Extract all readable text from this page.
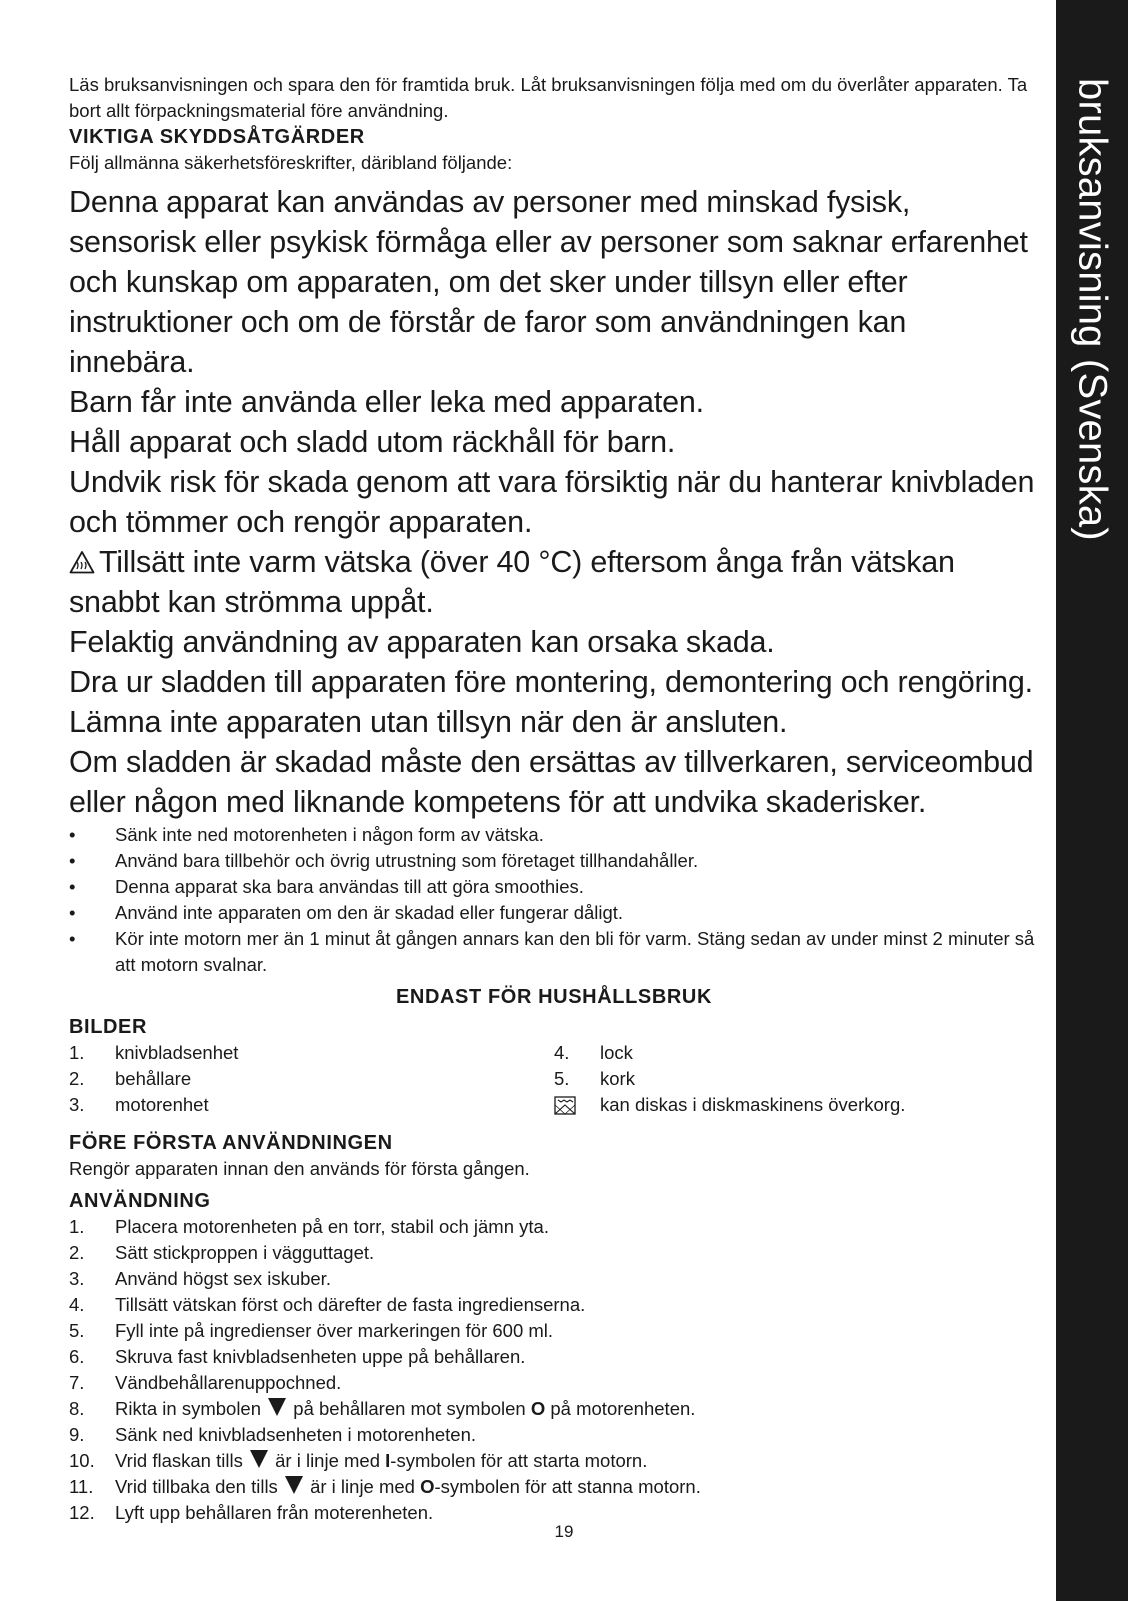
bruksanvisning (Svenska)

Läs bruksanvisningen och spara den för framtida bruk. Låt bruksanvisningen följa med om du överlåter apparaten. Ta bort allt förpackningsmaterial före användning.

VIKTIGA SKYDDSÅTGÄRDER

Följ allmänna säkerhetsföreskrifter, däribland följande:

Denna apparat kan användas av personer med minskad fysisk, sensorisk eller psykisk förmåga eller av personer som saknar erfarenhet och kunskap om apparaten, om det sker under tillsyn eller efter instruktioner och om de förstår de faror som användningen kan innebära.

Barn får inte använda eller leka med apparaten.

Håll apparat och sladd utom räckhåll för barn.

Undvik risk för skada genom att vara försiktig när du hanterar knivbladen och tömmer och rengör apparaten.

Tillsätt inte varm vätska (över 40 °C) eftersom ånga från vätskan snabbt kan strömma uppåt.

Felaktig användning av apparaten kan orsaka skada.

Dra ur sladden till apparaten före montering, demontering och rengöring.

Lämna inte apparaten utan tillsyn när den är ansluten.

Om sladden är skadad måste den ersättas av tillverkaren, serviceombud eller någon med liknande kompetens för att undvika skaderisker.

• Sänk inte ned motorenheten i någon form av vätska.
• Använd bara tillbehör och övrig utrustning som företaget tillhandahåller.
• Denna apparat ska bara användas till att göra smoothies.
• Använd inte apparaten om den är skadad eller fungerar dåligt.
• Kör inte motorn mer än 1 minut åt gången annars kan den bli för varm. Stäng sedan av under minst 2 minuter så att motorn svalnar.

ENDAST FÖR HUSHÅLLSBRUK

BILDER

1.	knivbladsenhet
2.	behållare
3.	motorenhet
4.	lock
5.	kork
kan diskas i diskmaskinens överkorg.

FÖRE FÖRSTA ANVÄNDNINGEN

Rengör apparaten innan den används för första gången.

ANVÄNDNING

1.	Placera motorenheten på en torr, stabil och jämn yta.
2.	Sätt stickproppen i vägguttaget.
3.	Använd högst sex iskuber.
4.	Tillsätt vätskan först och därefter de fasta ingredienserna.
5.	Fyll inte på ingredienser över markeringen för 600 ml.
6.	Skruva fast knivbladsenheten uppe på behållaren.
7.	Vändbehållarenuppochned.
8.	Rikta in symbolen på behållaren mot symbolen O på motorenheten.
9.	Sänk ned knivbladsenheten i motorenheten.
10.	Vrid flaskan tills är i linje med I-symbolen för att starta motorn.
11.	Vrid tillbaka den tills är i linje med O-symbolen för att stanna motorn.
12.	Lyft upp behållaren från moterenheten.
19
